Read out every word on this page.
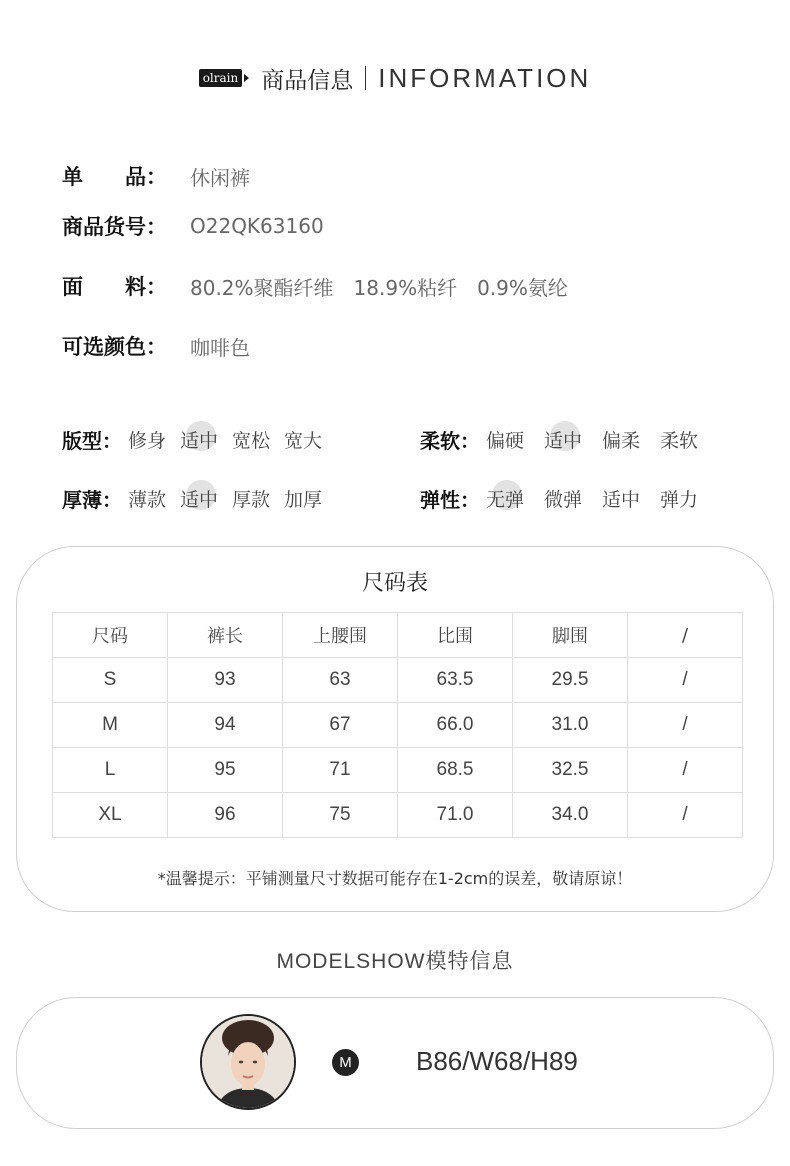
olrain 商品信息 INFORMATION
单　　品：	休闲裤
商品货号：	O22QK63160
面　　料：	80.2%聚酯纤维　18.9%粘纤　0.9%氨纶
可选颜色：	咖啡色
版型： 修身 适中 宽松 宽大
厚薄： 薄款 适中 厚款 加厚
柔软： 偏硬 适中 偏柔 柔软
弹性： 无弹 微弹 适中 弹力
尺码表
尺码	裤长	上腰围	比围	脚围	/
S	93	63	63.5	29.5	/
M	94	67	66.0	31.0	/
L	95	71	68.5	32.5	/
XL	96	75	71.0	34.0	/
*温馨提示：平铺测量尺寸数据可能存在1-2cm的误差，敬请原谅！
MODELSHOW模特信息
M B86/W68/H89
